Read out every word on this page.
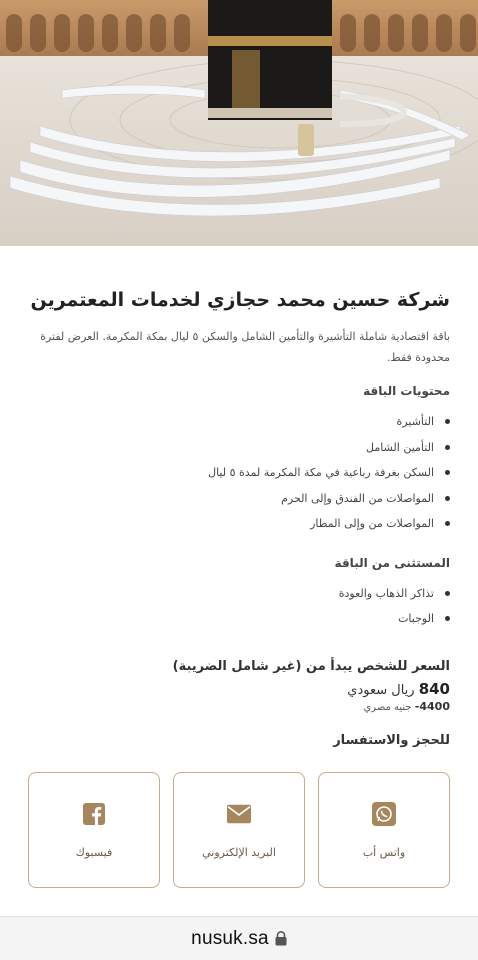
شركة حسين محمد حجازي لخدمات المعتمرين

باقة اقتصادية شاملة التأشيرة والتأمين الشامل والسكن ٥ ليال بمكة المكرمة. العرض لفترة محدودة فقط.

محتويات الباقة
التأشيرة
التأمين الشامل
السكن بغرفة رباعية في مكة المكرمة لمدة ٥ ليال
المواصلات من الفندق وإلى الحرم
المواصلات من وإلى المطار
المستثنى من الباقة
تذاكر الذهاب والعودة
الوجبات
السعر للشخص يبدأ من (غير شامل الضريبة)
840 ريال سعودي
4400- جنيه مصري
للحجز والاستفسار
واتس أب
البريد الإلكتروني
فيسبوك
nusuk.sa
